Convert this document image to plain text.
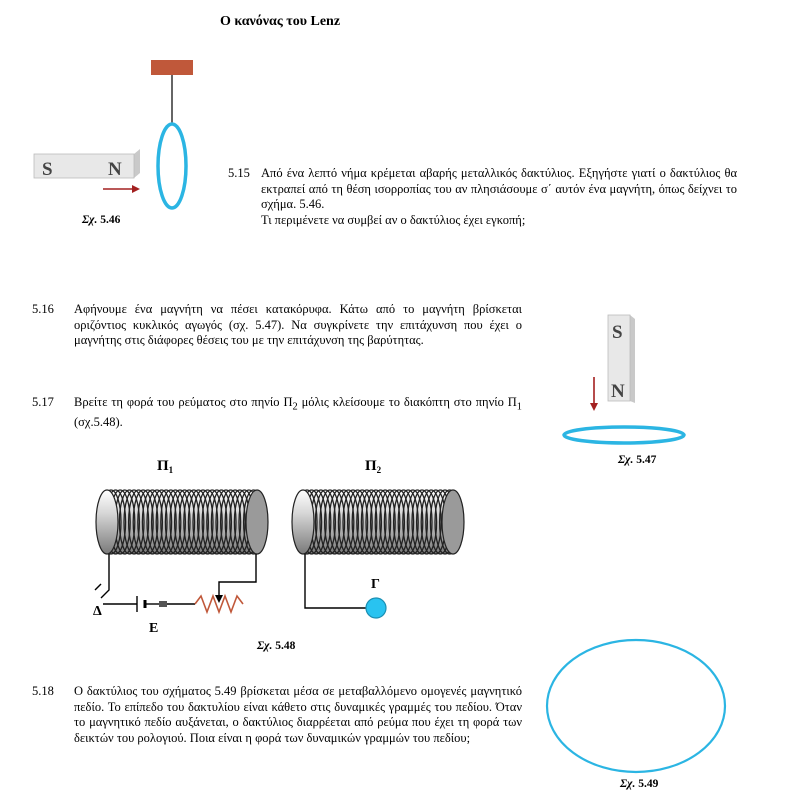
Ο κανόνας του Lenz
S	N
Σχ. 5.46
5.15 Από ένα λεπτό νήμα κρέμεται αβαρής μεταλλικός δακτύλιος. Εξηγήστε γιατί ο δακτύλιος θα εκτραπεί από τη θέση ισορροπίας του αν πλησιάσουμε σ΄ αυτόν ένα μαγνήτη, όπως δείχνει το σχήμα. 5.46.
Τι περιμένετε να συμβεί αν ο δακτύλιος έχει εγκοπή;
5.16 Αφήνουμε ένα μαγνήτη να πέσει κατακόρυφα. Κάτω από το μαγνήτη βρίσκεται οριζόντιος κυκλικός αγωγός (σχ. 5.47). Να συγκρίνετε την επιτάχυνση που έχει ο μαγνήτης στις διάφορες θέσεις του με την επιτάχυνση της βαρύτητας.
5.17 Βρείτε τη φορά του ρεύματος στο πηνίο $\Pi_2$ μόλις κλείσουμε το διακόπτη στο πηνίο $\Pi_1$ (σχ.5.48).
S
N
Σχ. 5.47
$\Pi_1$	$\Pi_2$
Δ
Ε
Γ
Σχ. 5.48
5.18 Ο δακτύλιος του σχήματος 5.49 βρίσκεται μέσα σε μεταβαλλόμενο ομογενές μαγνητικό πεδίο. Το επίπεδο του δακτυλίου είναι κάθετο στις δυναμικές γραμμές του πεδίου. Όταν το μαγνητικό πεδίο αυξάνεται, ο δακτύλιος διαρρέεται από ρεύμα που έχει τη φορά των δεικτών του ρολογιού. Ποια είναι η φορά των δυναμικών γραμμών του πεδίου;
Σχ. 5.49
